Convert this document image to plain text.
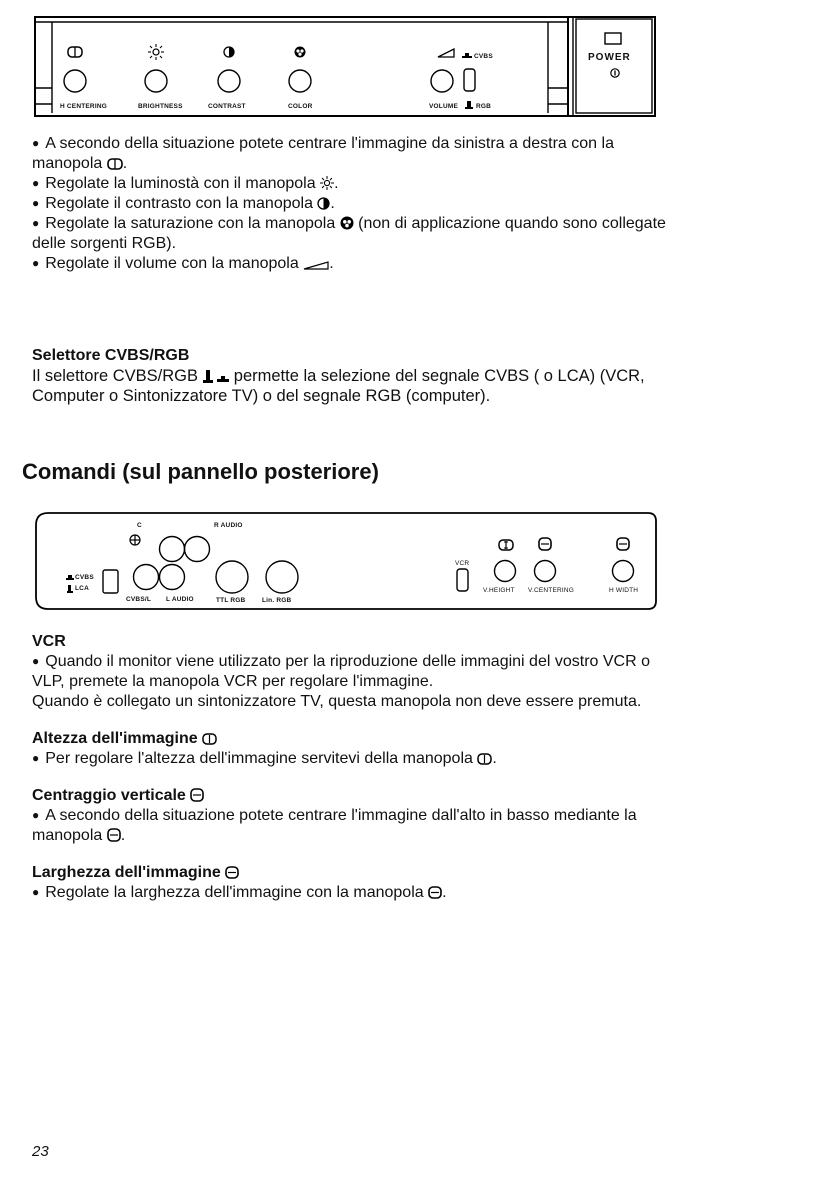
H CENTERING	BRIGHTNESS	CONTRAST	COLOR	VOLUME	RGB
CVBS	POWER

● A secondo della situazione potete centrare l'immagine da sinistra a destra con la

manopola .

● Regolate la luminostà con il manopola .

● Regolate il contrasto con la manopola .

● Regolate la saturazione con la manopola (non di applicazione quando sono collegate

delle sorgenti RGB).

● Regolate il volume con la manopola .

Selettore CVBS/RGB

Il selettore CVBS/RGB permette la selezione del segnale CVBS ( o LCA) (VCR,

Computer o Sintonizzatore TV) o del segnale RGB (computer).

Comandi (sul pannello posteriore)
C	R AUDIO
CVBS
LCA
CVBS/L L AUDIO	TTL RGB	Lin. RGB
VCR
V.HEIGHT V.CENTERING	H WIDTH
VCR

● Quando il monitor viene utilizzato per la riproduzione delle immagini del vostro VCR o

VLP, premete la manopola VCR per regolare l'immagine.

Quando è collegato un sintonizzatore TV, questa manopola non deve essere premuta.

Altezza dell'immagine

● Per regolare l'altezza dell'immagine servitevi della manopola .

Centraggio verticale

● A secondo della situazione potete centrare l'immagine dall'alto in basso mediante la

manopola .

Larghezza dell'immagine

● Regolate la larghezza dell'immagine con la manopola .

23
